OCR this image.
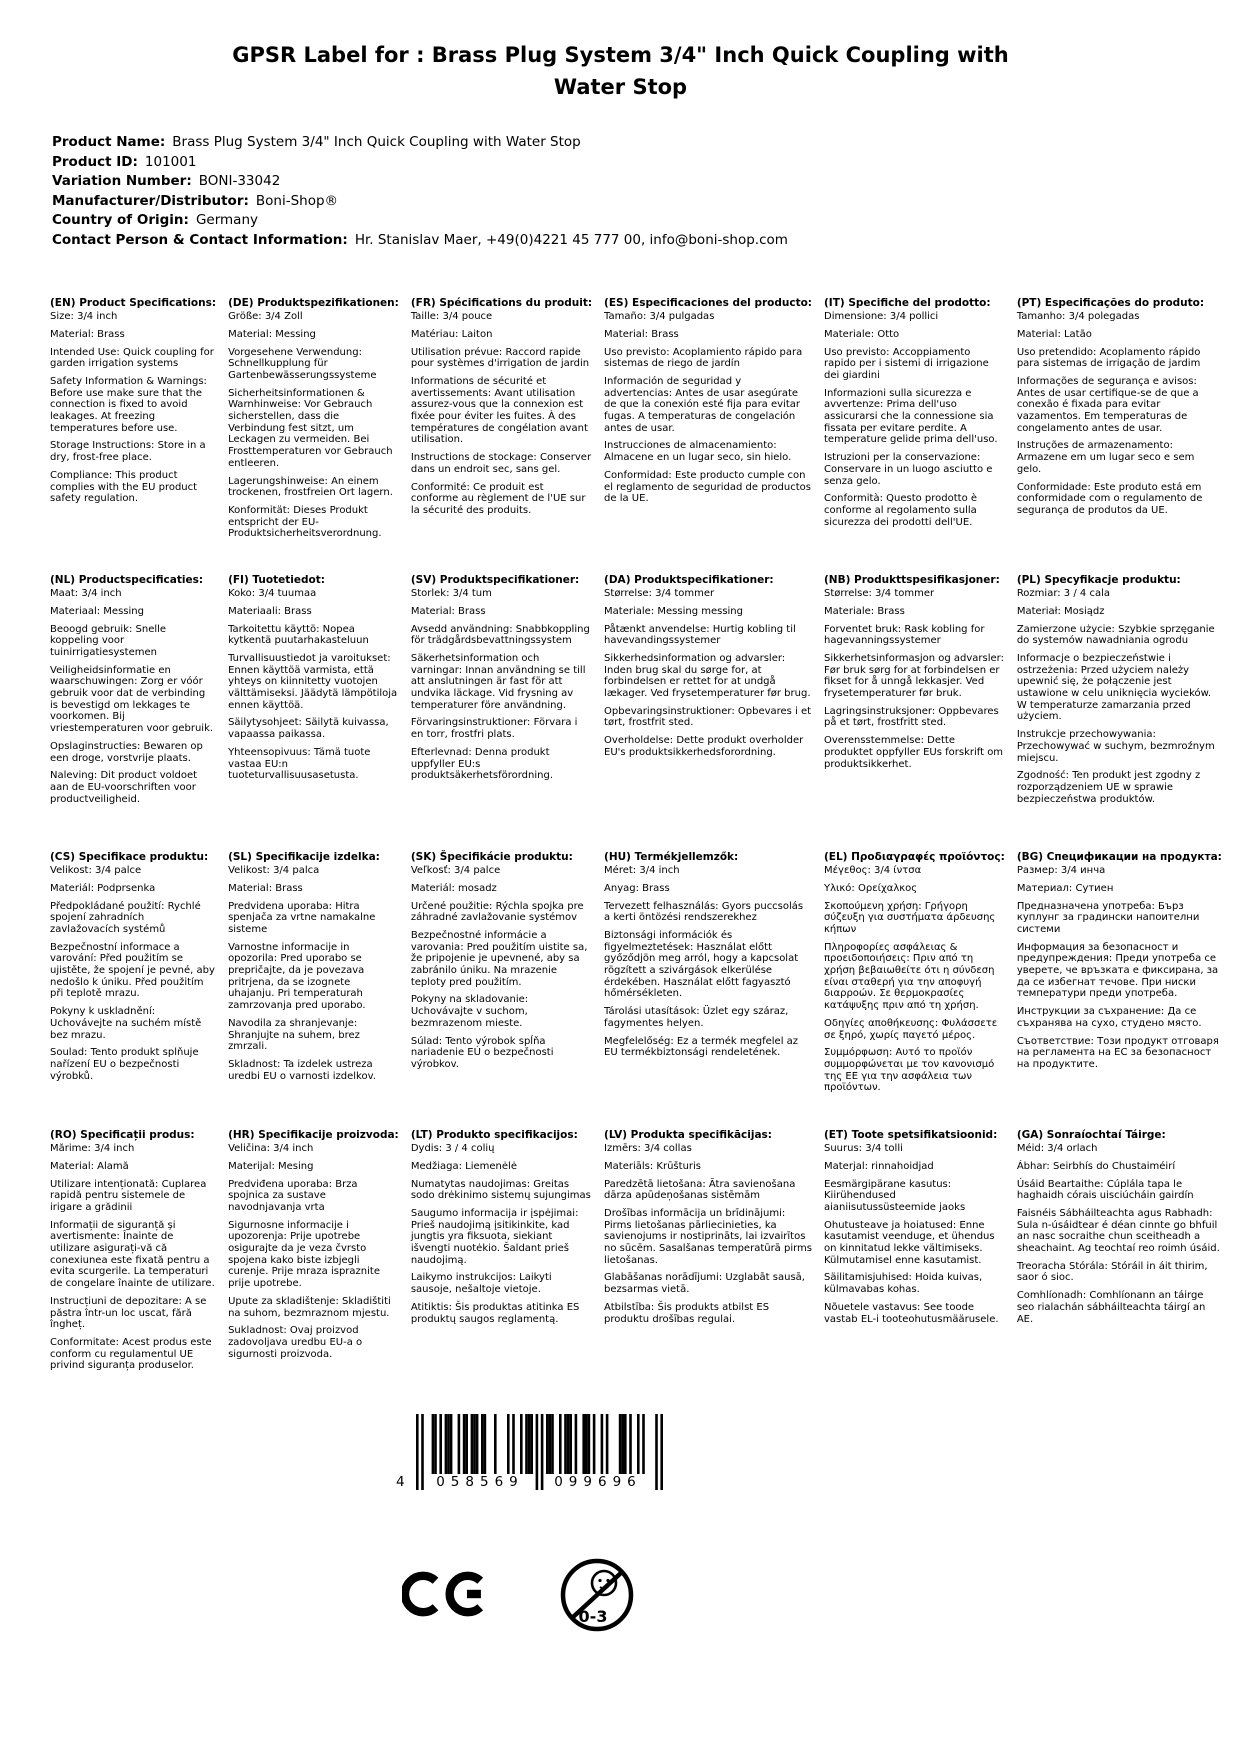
GPSR Label for : Brass Plug System 3/4" Inch Quick Coupling with
Water Stop
Product Name: Brass Plug System 3/4" Inch Quick Coupling with Water Stop
Product ID: 101001
Variation Number: BONI-33042
Manufacturer/Distributor: Boni-Shop®
Country of Origin: Germany
Contact Person & Contact Information: Hr. Stanislav Maer, +49(0)4221 45 777 00, info@boni-shop.com
(EN) Product Specifications:

Size: 3/4 inch

Material: Brass

Intended Use: Quick coupling for garden irrigation systems

Safety Information & Warnings: Before use make sure that the connection is fixed to avoid leakages. At freezing temperatures before use.

Storage Instructions: Store in a dry, frost-free place.

Compliance: This product complies with the EU product safety regulation.

(DE) Produktspezifikationen:

Größe: 3/4 Zoll

Material: Messing

Vorgesehene Verwendung: Schnellkupplung für Gartenbewässerungssysteme

Sicherheitsinformationen & Warnhinweise: Vor Gebrauch sicherstellen, dass die Verbindung fest sitzt, um Leckagen zu vermeiden. Bei Frosttemperaturen vor Gebrauch entleeren.

Lagerungshinweise: An einem trockenen, frostfreien Ort lagern.

Konformität: Dieses Produkt entspricht der EU-Produktsicherheitsverordnung.

(FR) Spécifications du produit:

Taille: 3/4 pouce

Matériau: Laiton

Utilisation prévue: Raccord rapide pour systèmes d'irrigation de jardin

Informations de sécurité et avertissements: Avant utilisation assurez-vous que la connexion est fixée pour éviter les fuites. À des températures de congélation avant utilisation.

Instructions de stockage: Conserver dans un endroit sec, sans gel.

Conformité: Ce produit est conforme au règlement de l'UE sur la sécurité des produits.

(ES) Especificaciones del producto:

Tamaño: 3/4 pulgadas

Material: Brass

Uso previsto: Acoplamiento rápido para sistemas de riego de jardín

Información de seguridad y advertencias: Antes de usar asegúrate de que la conexión esté fija para evitar fugas. A temperaturas de congelación antes de usar.

Instrucciones de almacenamiento: Almacene en un lugar seco, sin hielo.

Conformidad: Este producto cumple con el reglamento de seguridad de productos de la UE.

(IT) Specifiche del prodotto:

Dimensione: 3/4 pollici

Materiale: Otto

Uso previsto: Accoppiamento rapido per i sistemi di irrigazione dei giardini

Informazioni sulla sicurezza e avvertenze: Prima dell'uso assicurarsi che la connessione sia fissata per evitare perdite. A temperature gelide prima dell'uso.

Istruzioni per la conservazione: Conservare in un luogo asciutto e senza gelo.

Conformità: Questo prodotto è conforme al regolamento sulla sicurezza dei prodotti dell'UE.

(PT) Especificações do produto:

Tamanho: 3/4 polegadas

Material: Latão

Uso pretendido: Acoplamento rápido para sistemas de irrigação de jardim

Informações de segurança e avisos: Antes de usar certifique-se de que a conexão é fixada para evitar vazamentos. Em temperaturas de congelamento antes de usar.

Instruções de armazenamento: Armazene em um lugar seco e sem gelo.

Conformidade: Este produto está em conformidade com o regulamento de segurança de produtos da UE.

(NL) Productspecificaties:

Maat: 3/4 inch

Materiaal: Messing

Beoogd gebruik: Snelle koppeling voor tuinirrigatiesystemen

Veiligheidsinformatie en waarschuwingen: Zorg er vóór gebruik voor dat de verbinding is bevestigd om lekkages te voorkomen. Bij vriestemperaturen voor gebruik.

Opslaginstructies: Bewaren op een droge, vorstvrije plaats.

Naleving: Dit product voldoet aan de EU-voorschriften voor productveiligheid.

(FI) Tuotetiedot:

Koko: 3/4 tuumaa

Materiaali: Brass

Tarkoitettu käyttö: Nopea kytkentä puutarhakasteluun

Turvallisuustiedot ja varoitukset: Ennen käyttöä varmista, että yhteys on kiinnitetty vuotojen välttämiseksi. Jäädytä lämpötiloja ennen käyttöä.

Säilytysohjeet: Säilytä kuivassa, vapaassa paikassa.

Yhteensopivuus: Tämä tuote vastaa EU:n tuoteturvallisuusasetusta.

(SV) Produktspecifikationer:

Storlek: 3/4 tum

Material: Brass

Avsedd användning: Snabbkoppling för trädgårdsbevattningssystem

Säkerhetsinformation och varningar: Innan användning se till att anslutningen är fast för att undvika läckage. Vid frysning av temperaturer före användning.

Förvaringsinstruktioner: Förvara i en torr, frostfri plats.

Efterlevnad: Denna produkt uppfyller EU:s produktsäkerhetsförordning.

(DA) Produktspecifikationer:

Størrelse: 3/4 tommer

Materiale: Messing messing

Påtænkt anvendelse: Hurtig kobling til havevandingssystemer

Sikkerhedsinformation og advarsler: Inden brug skal du sørge for, at forbindelsen er rettet for at undgå lækager. Ved frysetemperaturer før brug.

Opbevaringsinstruktioner: Opbevares i et tørt, frostfrit sted.

Overholdelse: Dette produkt overholder EU's produktsikkerhedsforordning.

(NB) Produkttspesifikasjoner:

Størrelse: 3/4 tommer

Materiale: Brass

Forventet bruk: Rask kobling for hagevanningssystemer

Sikkerhetsinformasjon og advarsler: Før bruk sørg for at forbindelsen er fikset for å unngå lekkasjer. Ved frysetemperaturer før bruk.

Lagringsinstruksjoner: Oppbevares på et tørt, frostfritt sted.

Overensstemmelse: Dette produktet oppfyller EUs forskrift om produktsikkerhet.

(PL) Specyfikacje produktu:

Rozmiar: 3 / 4 cala

Materiał: Mosiądz

Zamierzone użycie: Szybkie sprzęganie do systemów nawadniania ogrodu

Informacje o bezpieczeństwie i ostrzeżenia: Przed użyciem należy upewnić się, że połączenie jest ustawione w celu uniknięcia wycieków. W temperaturze zamarzania przed użyciem.

Instrukcje przechowywania: Przechowywać w suchym, bezmroźnym miejscu.

Zgodność: Ten produkt jest zgodny z rozporządzeniem UE w sprawie bezpieczeństwa produktów.

(CS) Specifikace produktu:

Velikost: 3/4 palce

Materiál: Podprsenka

Předpokládané použití: Rychlé spojení zahradních zavlažovacích systémů

Bezpečnostní informace a varování: Před použitím se ujistěte, že spojení je pevné, aby nedošlo k úniku. Před použitím při teplotě mrazu.

Pokyny k uskladnění: Uchovávejte na suchém místě bez mrazu.

Soulad: Tento produkt splňuje nařízení EU o bezpečnosti výrobků.

(SL) Specifikacije izdelka:

Velikost: 3/4 palca

Material: Brass

Predvidena uporaba: Hitra spenjača za vrtne namakalne sisteme

Varnostne informacije in opozorila: Pred uporabo se prepričajte, da je povezava pritrjena, da se izognete uhajanju. Pri temperaturah zamrzovanja pred uporabo.

Navodila za shranjevanje: Shranjujte na suhem, brez zmrzali.

Skladnost: Ta izdelek ustreza uredbi EU o varnosti izdelkov.

(SK) Špecifikácie produktu:

Veľkosť: 3/4 palce

Materiál: mosadz

Určené použitie: Rýchla spojka pre záhradné zavlažovanie systémov

Bezpečnostné informácie a varovania: Pred použitím uistite sa, že pripojenie je upevnené, aby sa zabránilo úniku. Na mrazenie teploty pred použitím.

Pokyny na skladovanie: Uchovávajte v suchom, bezmrazenom mieste.

Súlad: Tento výrobok spĺňa nariadenie EÚ o bezpečnosti výrobkov.

(HU) Termékjellemzők:

Méret: 3/4 inch

Anyag: Brass

Tervezett felhasználás: Gyors puccsolás a kerti öntözési rendszerekhez

Biztonsági információk és figyelmeztetések: Használat előtt győződjön meg arról, hogy a kapcsolat rögzített a szivárgások elkerülése érdekében. Használat előtt fagyasztó hőmérsékleten.

Tárolási utasítások: Üzlet egy száraz, fagymentes helyen.

Megfelelőség: Ez a termék megfelel az EU termékbiztonsági rendeletének.

(EL) Προδιαγραφές προϊόντος:

Μέγεθος: 3/4 ίντσα

Υλικό: Ορείχαλκος

Σκοπούμενη χρήση: Γρήγορη σύζευξη για συστήματα άρδευσης κήπων

Πληροφορίες ασφάλειας & προειδοποιήσεις: Πριν από τη χρήση βεβαιωθείτε ότι η σύνδεση είναι σταθερή για την αποφυγή διαρροών. Σε θερμοκρασίες κατάψυξης πριν από τη χρήση.

Οδηγίες αποθήκευσης: Φυλάσσετε σε ξηρό, χωρίς παγετό μέρος.

Συμμόρφωση: Αυτό το προϊόν συμμορφώνεται με τον κανονισμό της ΕΕ για την ασφάλεια των προϊόντων.

(BG) Спецификации на продукта:

Размер: 3/4 инча

Материал: Сутиен

Предназначена употреба: Бърз куплунг за градински напоителни системи

Информация за безопасност и предупреждения: Преди употреба се уверете, че връзката е фиксирана, за да се избегнат течове. При ниски температури преди употреба.

Инструкции за съхранение: Да се съхранява на сухо, студено място.

Съответствие: Този продукт отговаря на регламента на ЕС за безопасност на продуктите.

(RO) Specificații produs:

Mărime: 3/4 inch

Material: Alamă

Utilizare intenționată: Cuplarea rapidă pentru sistemele de irigare a grădinii

Informații de siguranță și avertismente: Înainte de utilizare asigurați-vă că conexiunea este fixată pentru a evita scurgerile. La temperaturi de congelare înainte de utilizare.

Instrucțiuni de depozitare: A se păstra într-un loc uscat, fără îngheț.

Conformitate: Acest produs este conform cu regulamentul UE privind siguranța produselor.

(HR) Specifikacije proizvoda:

Veličina: 3/4 inch

Materijal: Mesing

Predviđena uporaba: Brza spojnica za sustave navodnjavanja vrta

Sigurnosne informacije i upozorenja: Prije upotrebe osigurajte da je veza čvrsto spojena kako biste izbjegli curenje. Prije mraza ispraznite prije upotrebe.

Upute za skladištenje: Skladištiti na suhom, bezmraznom mjestu.

Sukladnost: Ovaj proizvod zadovoljava uredbu EU-a o sigurnosti proizvoda.

(LT) Produkto specifikacijos:

Dydis: 3 / 4 colių

Medžiaga: Liemenėlė

Numatytas naudojimas: Greitas sodo drėkinimo sistemų sujungimas

Saugumo informacija ir įspėjimai: Prieš naudojimą įsitikinkite, kad jungtis yra fiksuota, siekiant išvengti nuotėkio. Šaldant prieš naudojimą.

Laikymo instrukcijos: Laikyti sausoje, nešaltoje vietoje.

Atitiktis: Šis produktas atitinka ES produktų saugos reglamentą.

(LV) Produkta specifikācijas:

Izmērs: 3/4 collas

Materiāls: Krūšturis

Paredzētā lietošana: Ātra savienošana dārza apūdeņošanas sistēmām

Drošības informācija un brīdinājumi: Pirms lietošanas pārliecinieties, ka savienojums ir nostiprināts, lai izvairītos no sūcēm. Sasalšanas temperatūrā pirms lietošanas.

Glabāšanas norādījumi: Uzglabāt sausā, bezsarmas vietā.

Atbilstība: Šis produkts atbilst ES produktu drošības regulai.

(ET) Toote spetsifikatsioonid:

Suurus: 3/4 tolli

Materjal: rinnahoidjad

Eesmärgipärane kasutus: Kiirühendused aianiisutussüsteemide jaoks

Ohutusteave ja hoiatused: Enne kasutamist veenduge, et ühendus on kinnitatud lekke vältimiseks. Külmutamisel enne kasutamist.

Säilitamisjuhised: Hoida kuivas, külmavabas kohas.

Nõuetele vastavus: See toode vastab EL-i tooteohutusmäärusele.

(GA) Sonraíochtaí Táirge:

Méid: 3/4 orlach

Ábhar: Seirbhís do Chustaiméirí

Úsáid Beartaithe: Cúplála tapa le haghaidh córais uisciúcháin gairdín

Faisnéis Sábháilteachta agus Rabhadh: Sula n-úsáidtear é déan cinnte go bhfuil an nasc socraithe chun sceitheadh a sheachaint. Ag teochtaí reo roimh úsáid.

Treoracha Stórála: Stóráil in áit thirim, saor ó sioc.

Comhlíonadh: Comhlíonann an táirge seo rialachán sábháilteachta táirgí an AE.

4	058569	099696
0-3
